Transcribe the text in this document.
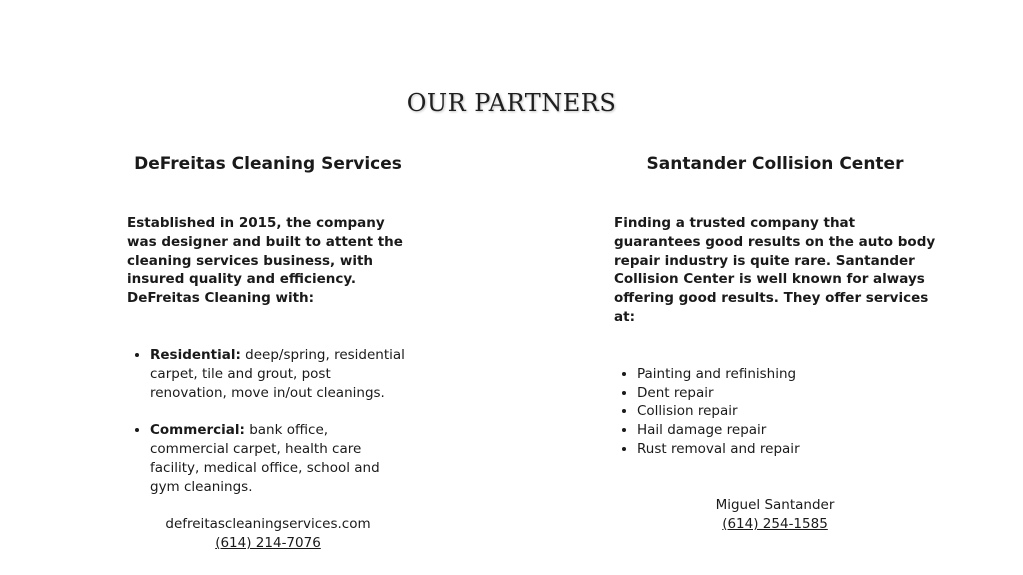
OUR PARTNERS
DeFreitas Cleaning Services
Established in 2015, the company was designer and built to attent the cleaning services business, with insured quality and efficiency. DeFreitas Cleaning with:
• Residential: deep/spring, residential carpet, tile and grout, post renovation, move in/out cleanings.
• Commercial: bank office, commercial carpet, health care facility, medical office, school and gym cleanings.
defreitascleaningservices.com
(614) 214-7076
Santander Collision Center
Finding a trusted company that guarantees good results on the auto body repair industry is quite rare. Santander Collision Center is well known for always offering good results. They offer services at:
• Painting and refinishing
• Dent repair
• Collision repair
• Hail damage repair
• Rust removal and repair
Miguel Santander
(614) 254-1585
